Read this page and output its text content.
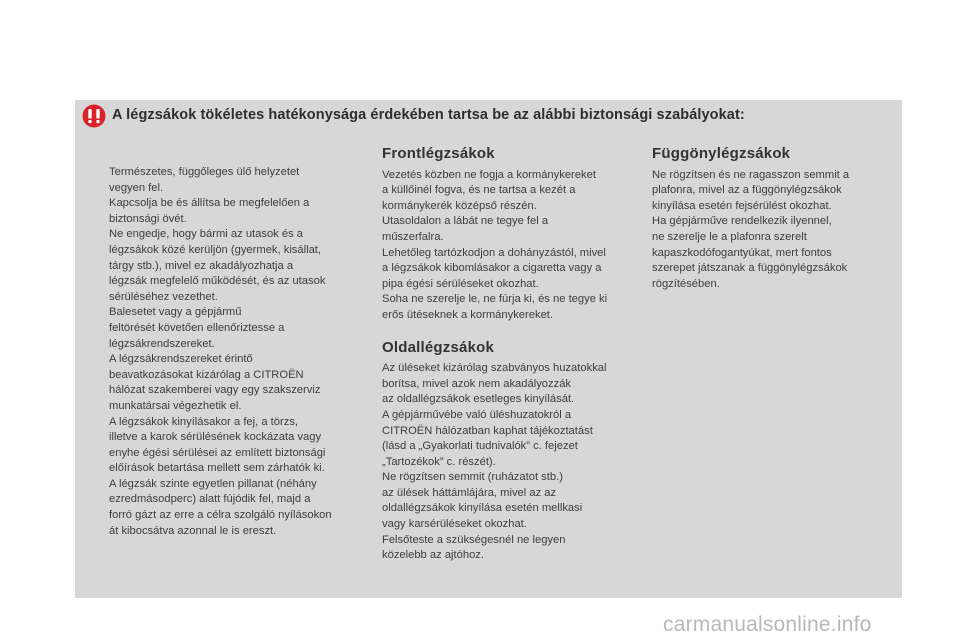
A légzsákok tökéletes hatékonysága érdekében tartsa be az alábbi biztonsági szabályokat:

Természetes, függőleges ülő helyzetet

vegyen fel.

Kapcsolja be és állítsa be megfelelően a

biztonsági övét.

Ne engedje, hogy bármi az utasok és a

légzsákok közé kerüljön (gyermek, kisállat,

tárgy stb.), mivel ez akadályozhatja a

légzsák megfelelő működését, és az utasok

sérüléséhez vezethet.

Balesetet vagy a gépjármű

feltörését követően ellenőriztesse a

légzsákrendszereket.

A légzsákrendszereket érintő

beavatkozásokat kizárólag a CITROËN

hálózat szakemberei vagy egy szakszerviz

munkatársai végezhetik el.

A légzsákok kinyílásakor a fej, a törzs,

illetve a karok sérülésének kockázata vagy

enyhe égési sérülései az említett biztonsági

előírások betartása mellett sem zárhatók ki.

A légzsák szinte egyetlen pillanat (néhány

ezredmásodperc) alatt fújódik fel, majd a

forró gázt az erre a célra szolgáló nyílásokon

át kibocsátva azonnal le is ereszt.

Frontlégzsákok

Vezetés közben ne fogja a kormánykereket

a küllőinél fogva, és ne tartsa a kezét a

kormánykerék középső részén.

Utasoldalon a lábát ne tegye fel a

műszerfalra.

Lehetőleg tartózkodjon a dohányzástól, mivel

a légzsákok kibomlásakor a cigaretta vagy a

pipa égési sérüléseket okozhat.

Soha ne szerelje le, ne fúrja ki, és ne tegye ki

erős ütéseknek a kormánykereket.

Oldallégzsákok

Az üléseket kizárólag szabványos huzatokkal

borítsa, mivel azok nem akadályozzák

az oldallégzsákok esetleges kinyílását.

A gépjárművébe való üléshuzatokról a

CITROËN hálózatban kaphat tájékoztatást

(lásd a „Gyakorlati tudnivalók” c. fejezet

„Tartozékok” c. részét).

Ne rögzítsen semmit (ruházatot stb.)

az ülések háttámlájára, mivel az az

oldallégzsákok kinyílása esetén mellkasi

vagy karsérüléseket okozhat.

Felsőteste a szükségesnél ne legyen

közelebb az ajtóhoz.

Függönylégzsákok

Ne rögzítsen és ne ragasszon semmit a

plafonra, mivel az a függönylégzsákok

kinyílása esetén fejsérülést okozhat.

Ha gépjárműve rendelkezik ilyennel,

ne szerelje le a plafonra szerelt

kapaszkodófogantyúkat, mert fontos

szerepet játszanak a függönylégzsákok

rögzítésében.

carmanualsonline.info
